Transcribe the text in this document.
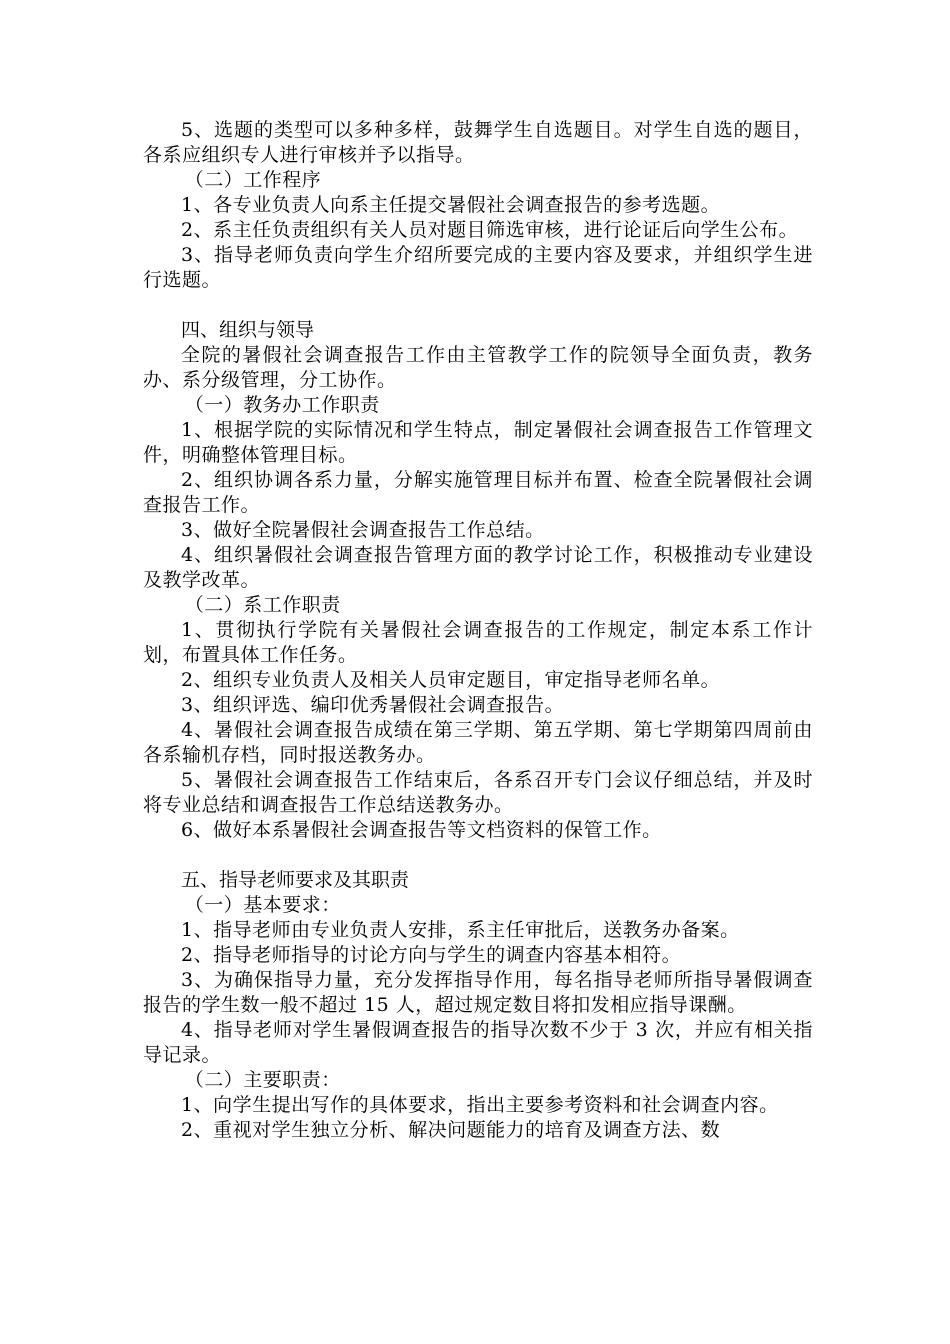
5、选题的类型可以多种多样，鼓舞学生自选题目。对学生自选的题目，各系应组织专人进行审核并予以指导。

（二）工作程序

1、各专业负责人向系主任提交暑假社会调查报告的参考选题。

2、系主任负责组织有关人员对题目筛选审核，进行论证后向学生公布。

3、指导老师负责向学生介绍所要完成的主要内容及要求，并组织学生进行选题。

四、组织与领导

全院的暑假社会调查报告工作由主管教学工作的院领导全面负责，教务办、系分级管理，分工协作。

（一）教务办工作职责

1、根据学院的实际情况和学生特点，制定暑假社会调查报告工作管理文件，明确整体管理目标。

2、组织协调各系力量，分解实施管理目标并布置、检查全院暑假社会调查报告工作。

3、做好全院暑假社会调查报告工作总结。

4、组织暑假社会调查报告管理方面的教学讨论工作，积极推动专业建设及教学改革。

（二）系工作职责

1、贯彻执行学院有关暑假社会调查报告的工作规定，制定本系工作计划，布置具体工作任务。

2、组织专业负责人及相关人员审定题目，审定指导老师名单。

3、组织评选、编印优秀暑假社会调查报告。

4、暑假社会调查报告成绩在第三学期、第五学期、第七学期第四周前由各系输机存档，同时报送教务办。

5、暑假社会调查报告工作结束后，各系召开专门会议仔细总结，并及时将专业总结和调查报告工作总结送教务办。

6、做好本系暑假社会调查报告等文档资料的保管工作。

五、指导老师要求及其职责

（一）基本要求：

1、指导老师由专业负责人安排，系主任审批后，送教务办备案。

2、指导老师指导的讨论方向与学生的调查内容基本相符。

3、为确保指导力量，充分发挥指导作用，每名指导老师所指导暑假调查报告的学生数一般不超过 15 人，超过规定数目将扣发相应指导课酬。

4、指导老师对学生暑假调查报告的指导次数不少于 3 次，并应有相关指导记录。

（二）主要职责：

1、向学生提出写作的具体要求，指出主要参考资料和社会调查内容。

2、重视对学生独立分析、解决问题能力的培育及调查方法、数
